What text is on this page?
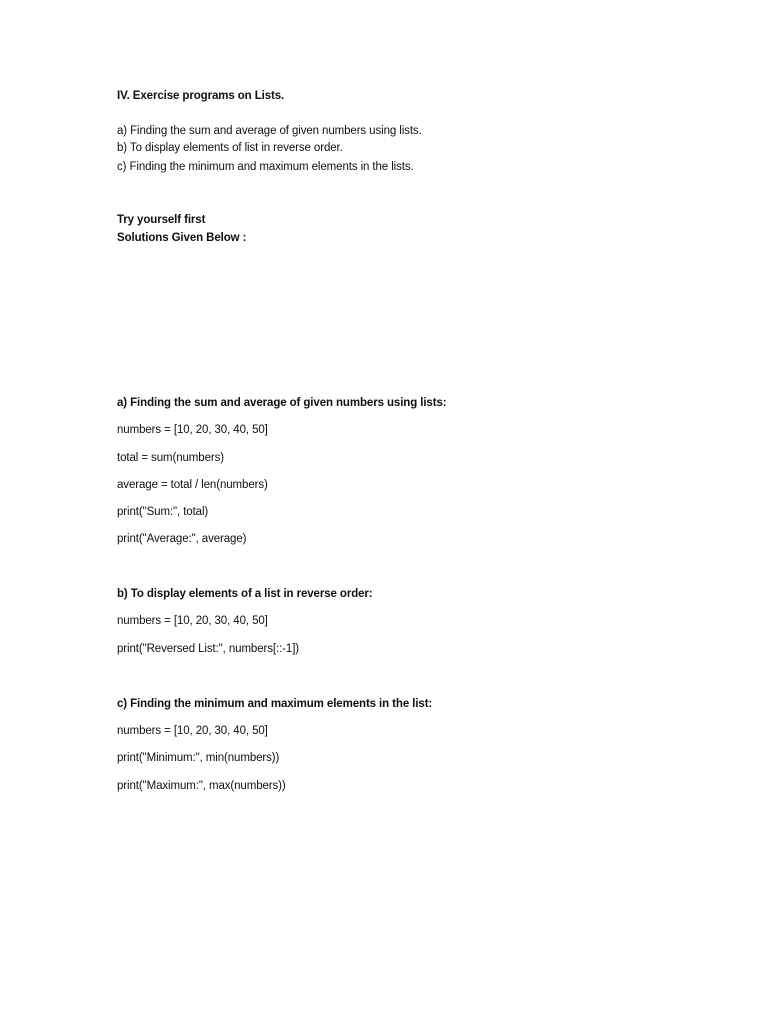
IV. Exercise programs on Lists.
a) Finding the sum and average of given numbers using lists.
b) To display elements of list in reverse order.
c) Finding the minimum and maximum elements in the lists.
Try yourself first
Solutions Given Below :
a) Finding the sum and average of given numbers using lists:
numbers = [10, 20, 30, 40, 50]
total = sum(numbers)
average = total / len(numbers)
print("Sum:", total)
print("Average:", average)
b) To display elements of a list in reverse order:
numbers = [10, 20, 30, 40, 50]
print("Reversed List:", numbers[::-1])
c) Finding the minimum and maximum elements in the list:
numbers = [10, 20, 30, 40, 50]
print("Minimum:", min(numbers))
print("Maximum:", max(numbers))
